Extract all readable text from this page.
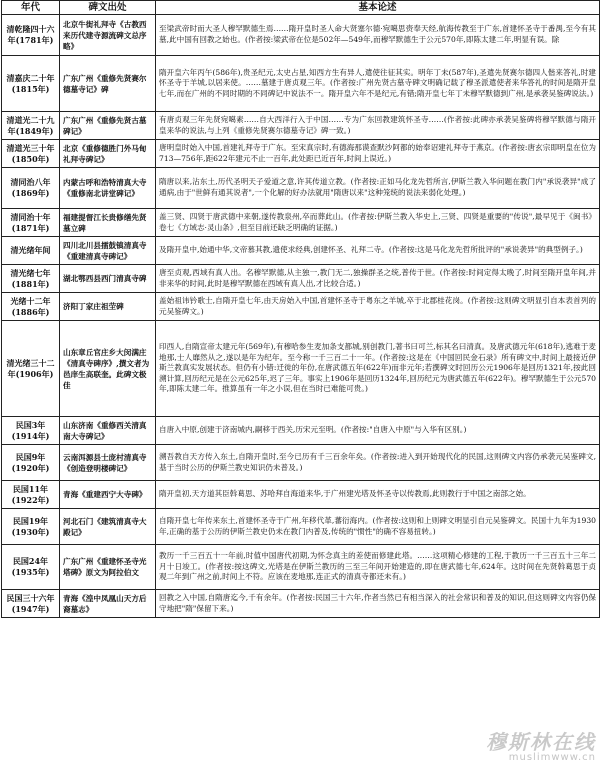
年代	碑文出处	基本论述
清乾隆四十六年(1781年)	北京牛街礼拜寺《古教西来历代建寺源流碑文总序略》	至梁武帝时而大圣人穆罕默德生焉……隋开皇时圣人命大贤塞尔德·宛噶思赍奉天经,航海传教至于广东,首建怀圣寺于番禺,至今有其墓,此中国有回教之始也。(作者按:梁武帝在位是502年—549年,而穆罕默德生于公元570年,即陈太建二年,明显有误。除
清嘉庆二十年(1815年)	广东广州《重修先贤赛尔德墓寺记》碑	隋开皇六年丙午(586年),贵圣纪元,太史占星,知西方生有异人,遣使往征其实。明年丁未(587年),圣遣先贤赛尔德四人偕来答礼,时建怀圣寺于羊城,以居来使。……墓建于唐贞观三年。(作者按:广州先贤古墓寺碑文明确记载了穆圣派遣使者来华答礼的时间是隋开皇七年,而在广州的不同时期的不同碑记中说法不一。隋开皇六年不是纪元,有错;隋开皇七年丁未穆罕默德到广州,是承袭吴鉴碑说法。)
清道光二十九年(1849年)	广东广州《重修先贤古墓碑记》	有唐贞观三年先贤宛噶素……自大西洋行入于中国……专为广东回教建筑怀圣寺……(作者按:此碑亦承袭吴鉴碑将穆罕默德与隋开皇来华的说法,与上列《重修先贤赛尔德墓寺记》碑一致。)
清道光三十年(1850年)	北京《重修德胜门外马甸礼拜寺碑记》	唐明皇时始入中国,首建礼拜寺于广东。至宋真宗时,有德海那谟查默沙阿都的始奉诏建礼拜寺于燕京。(作者按:唐玄宗即明皇在位为713—756年,距622年建元不止一百年,此处距已近百年,时间上误近。)
清同治八年(1869年)	内蒙古呼和浩特清真大寺《重修南北讲堂碑记》	隋唐以来,沾东土,历代圣明天子爱道之意,许其传道立教。(作者按:正如马化龙先哲所言,伊斯兰教入华问题在教门内"承说袭异"成了通病,由于"世鲜有通其说者",一个化解的好办法就用"隋唐以来"这种笼统的说法来弱化处理。)
清同治十年(1871年)	福建提督江长贵修缮先贤墓立碑	盖三贤、四贤于唐武德中来朝,遂传教泉州,卒而葬此山。(作者按:伊斯兰教入华史上,三贤、四贤是重要的"传说",最早见于《闽书》卷七《方域志·灵山条》,但至目前还缺乏明确的证据。)
清光绪年间	四川北川县擂鼓镇清真寺《重建清真寺碑记》	及隋开皇中,始通中华,文帝慕其教,遗使求经典,创建怀圣、礼拜二寺。(作者按:这是马化龙先哲所批评的"承说袭异"的典型例子。)
清光绪七年(1881年)	湖北鄂西县西门清真寺碑	唐至贞观,西域有真人出。名穆罕默德,从主独一,教门无二,独操群圣之统,普传于世。(作者按:时间定得太晚了,时间至隋开皇年间,并非来华的时间,此时是穆罕默德在西域有真人出,才比较合适。)
光绪十二年(1886年)	济阳丁家庄祖茔碑	盖始祖讳钤歌士,自隋开皇七年,由天房始入中国,首建怀圣寺于粤东之羊城,卒于北郡桂花岗。(作者按:这则碑文明显引自本表首列的元吴鉴碑文。)
清光绪三十二年(1906年)	山东章丘官庄乡大闵满庄《清真寺碑序》,撰文者为邑庠生高联奎。此碑文极佳	印西人,自隋宣帝太建元年(569年),有穆哈参生麦加条支都城,别创教门,著书曰可兰,标其名曰清真。及唐武德元年(618年),逃难于麦地那,士人靡然从之,遂以是年为纪年。至今称一千三百二十一年。(作者按:这是在《中国回民金石录》所有碑文中,时间上最接近伊斯兰教真实发展状态。但仍有小错:迁徙的年份,在唐武德五年(622年)而非元年;若撰碑文时回历公元1906年是回历1321年,按此回溯计算,回历纪元是在公元625年,迟了三年。事实上1906年是回历1324年,回历纪元为唐武德五年(622年)。穆罕默德生于公元570年,即陈太建二年。推算虽有一年之小误,但在当时已难能可贵。)
民国3年(1914年)	山东济南《重修西关清真南大寺碑记》	自唐入中原,创建于济南城内,嗣移于西关,历宋元至明。(作者按:"自唐入中原"与入华有区别。)
民国9年(1920年)	云南洱源县士庞村清真寺《创造登明楼碑记》	溯吾教自天方传入东土,自隋开皇时,至今已历有千三百余年矣。(作者按:进入到开始现代化的民国,这则碑文内容仍承袭元吴鉴碑文,基于当时公历的伊斯兰教史知识仍未普及。)
民国11年(1922年)	青海《重建西宁大寺碑》	隋开皇初,天方道其臣斡葛思、苏哈拜自海道来华,于广州建光塔及怀圣寺以传教焉,此则教行于中国之南部之始。
民国19年(1930年)	河北石门《建筑清真寺大殿记》	自隋开皇七年传来东土,首建怀圣寺于广州,年移代革,蕃衍海内。(作者按:这则和上则碑文明显引自元吴鉴碑文。民国十九年为1930年,正确的基于公历的伊斯兰教史仍未在教门内普及,传统的"惯性"的确不容易扭转。)
民国24年(1935年)	广东广州《重建怀圣寺光塔碑》原文为阿拉伯文	教历一千三百五十一年前,时值中国唐代初期,为怀念真主的差使而修建此塔。……这项精心修建的工程,于教历一千三百五十三年二月十日竣工。(作者按:按这碑文,光塔是在伊斯兰教历的三至三年间开始建造的,即在唐武德七年,624年。这时间在先贤斡葛思于贞观二年到广州之前,时间上不符。应该在麦地那,连正式的清真寺都还未有。)
民国三十六年(1947年)	青海《湟中凤凰山天方后裔墓志》	回教之入中国,自隋唐迄今,千有余年。(作者按:民国三十六年,作者当然已有相当深入的社会常识和普及的知识,但这则碑文内容仍保守地把"隋"保留下来。)
穆斯林在线
muslimwww.cn
